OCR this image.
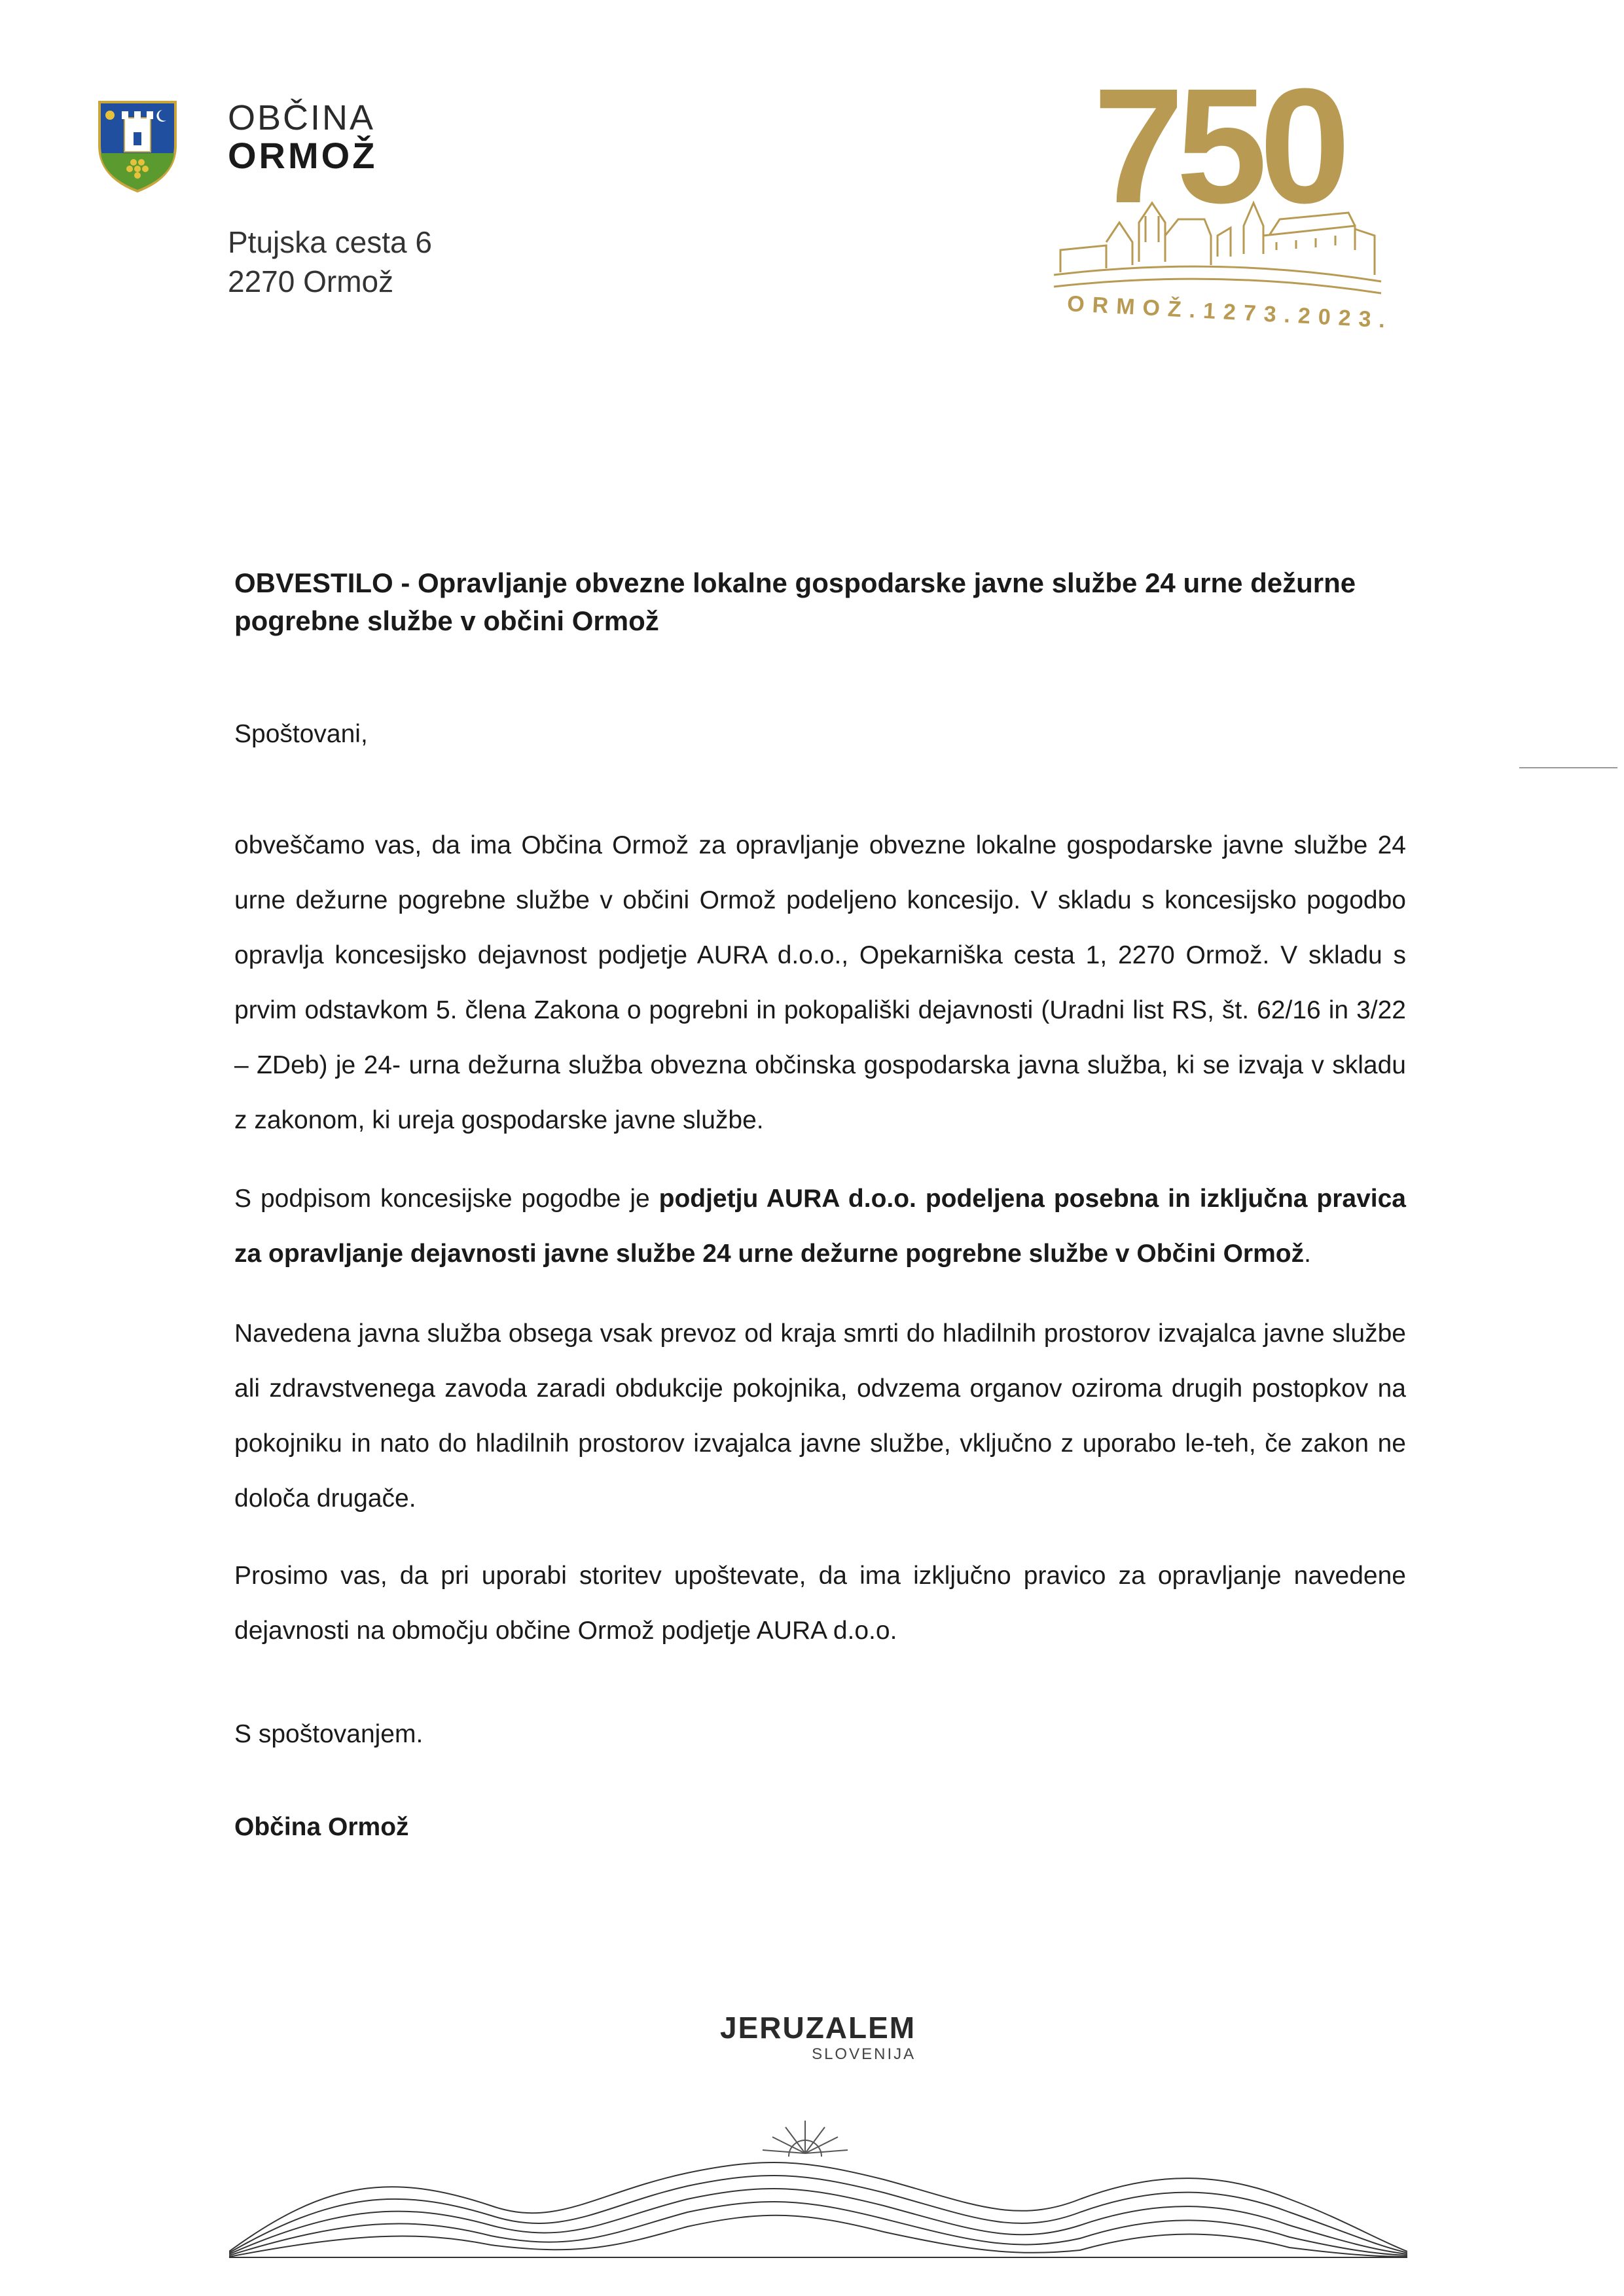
OBČINA
ORMOŽ
Ptujska cesta 6
2270 Ormož
750
ORMOŽ.1273.2023.
OBVESTILO - Opravljanje obvezne lokalne gospodarske javne službe 24 urne dežurne pogrebne službe v občini Ormož
Spoštovani,

obveščamo vas, da ima Občina Ormož za opravljanje obvezne lokalne gospodarske javne službe 24 urne dežurne pogrebne službe v občini Ormož podeljeno koncesijo. V skladu s koncesijsko pogodbo opravlja koncesijsko dejavnost podjetje AURA d.o.o., Opekarniška cesta 1, 2270 Ormož. V skladu s prvim odstavkom 5. člena Zakona o pogrebni in pokopališki dejavnosti (Uradni list RS, št. 62/16 in 3/22 – ZDeb) je 24- urna dežurna služba obvezna občinska gospodarska javna služba, ki se izvaja v skladu z zakonom, ki ureja gospodarske javne službe.

S podpisom koncesijske pogodbe je podjetju AURA d.o.o. podeljena posebna in izključna pravica za opravljanje dejavnosti javne službe 24 urne dežurne pogrebne službe v Občini Ormož.

Navedena javna služba obsega vsak prevoz od kraja smrti do hladilnih prostorov izvajalca javne službe ali zdravstvenega zavoda zaradi obdukcije pokojnika, odvzema organov oziroma drugih postopkov na pokojniku in nato do hladilnih prostorov izvajalca javne službe, vključno z uporabo le-teh, če zakon ne določa drugače.

Prosimo vas, da pri uporabi storitev upoštevate, da ima izključno pravico za opravljanje navedene dejavnosti na območju občine Ormož podjetje AURA d.o.o.

S spoštovanjem.
Občina Ormož
JERUZALEM
SLOVENIJA
